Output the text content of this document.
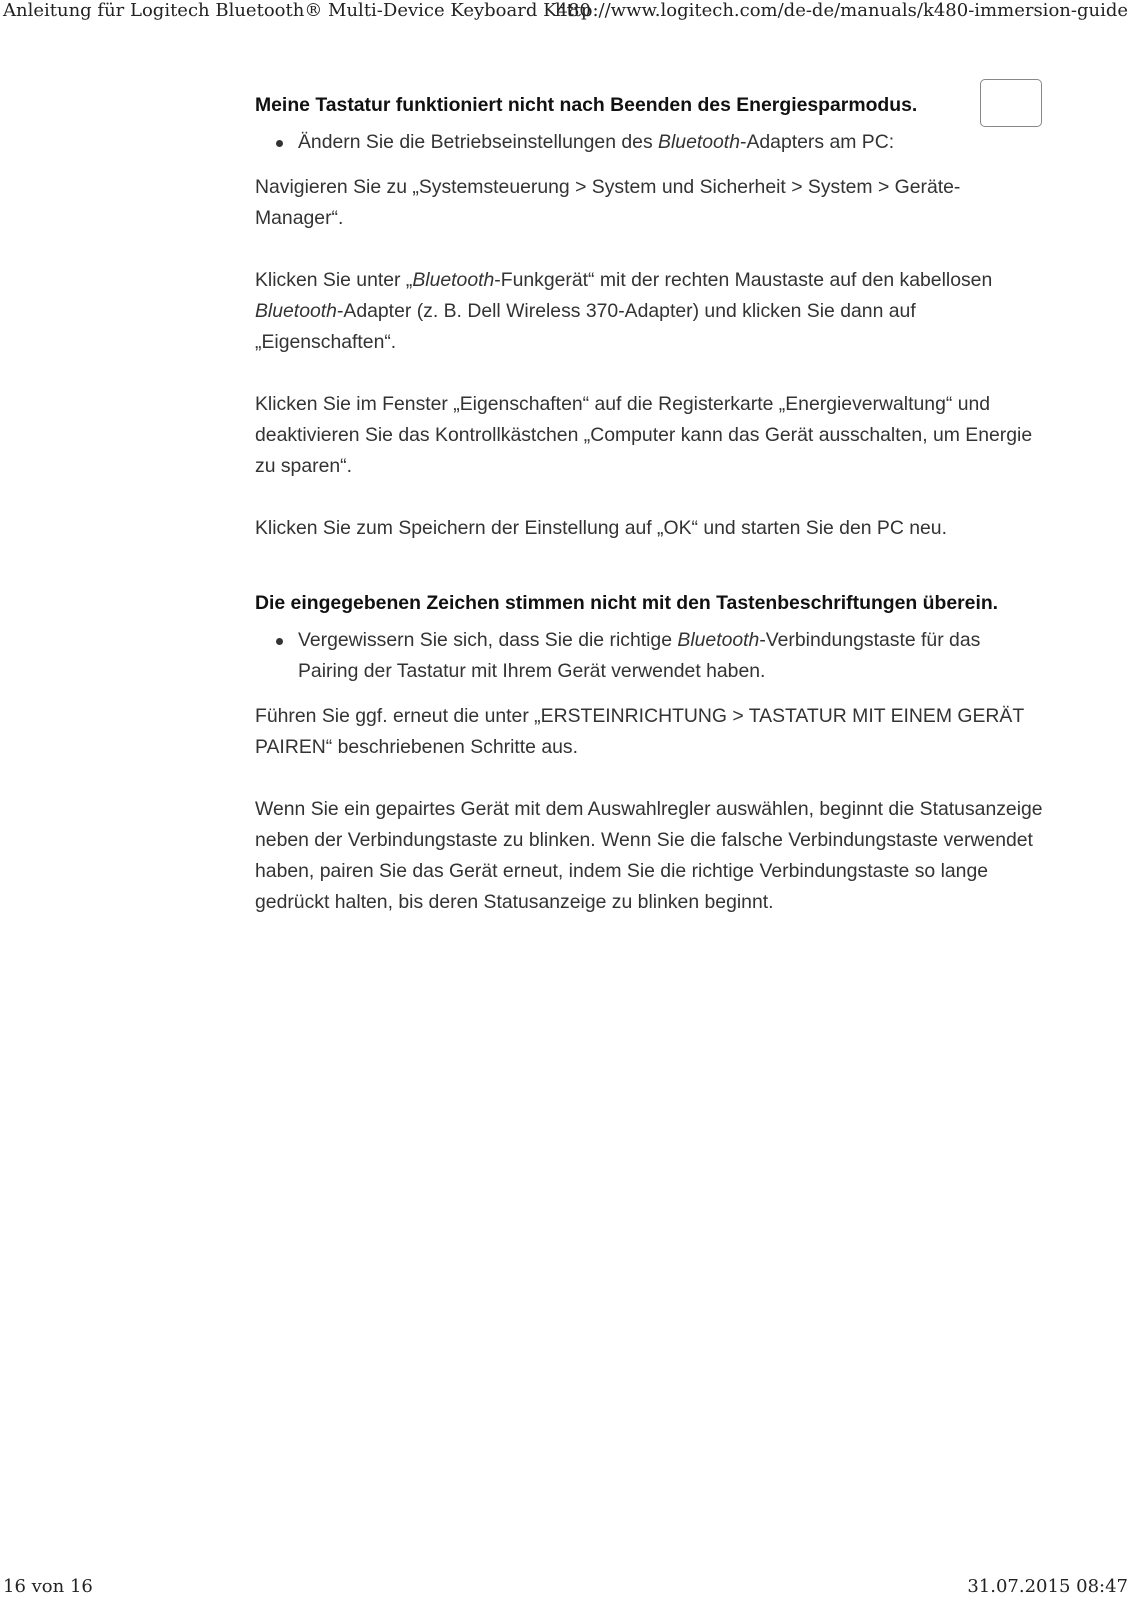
Anleitung für Logitech Bluetooth® Multi-Device Keyboard K480
http://www.logitech.com/de-de/manuals/k480-immersion-guide
Meine Tastatur funktioniert nicht nach Beenden des Energiesparmodus.
Ändern Sie die Betriebseinstellungen des Bluetooth-Adapters am PC:

Navigieren Sie zu „Systemsteuerung > System und Sicherheit > System > Geräte-Manager“.

Klicken Sie unter „Bluetooth-Funkgerät“ mit der rechten Maustaste auf den kabellosen Bluetooth-Adapter (z. B. Dell Wireless 370-Adapter) und klicken Sie dann auf „Eigenschaften“.

Klicken Sie im Fenster „Eigenschaften“ auf die Registerkarte „Energieverwaltung“ und deaktivieren Sie das Kontrollkästchen „Computer kann das Gerät ausschalten, um Energie zu sparen“.

Klicken Sie zum Speichern der Einstellung auf „OK“ und starten Sie den PC neu.

Die eingegebenen Zeichen stimmen nicht mit den Tastenbeschriftungen überein.
Vergewissern Sie sich, dass Sie die richtige Bluetooth-Verbindungstaste für das Pairing der Tastatur mit Ihrem Gerät verwendet haben.

Führen Sie ggf. erneut die unter „ERSTEINRICHTUNG > TASTATUR MIT EINEM GERÄT PAIREN“ beschriebenen Schritte aus.

Wenn Sie ein gepairtes Gerät mit dem Auswahlregler auswählen, beginnt die Statusanzeige neben der Verbindungstaste zu blinken. Wenn Sie die falsche Verbindungstaste verwendet haben, pairen Sie das Gerät erneut, indem Sie die richtige Verbindungstaste so lange gedrückt halten, bis deren Statusanzeige zu blinken beginnt.

16 von 16	31.07.2015 08:47
